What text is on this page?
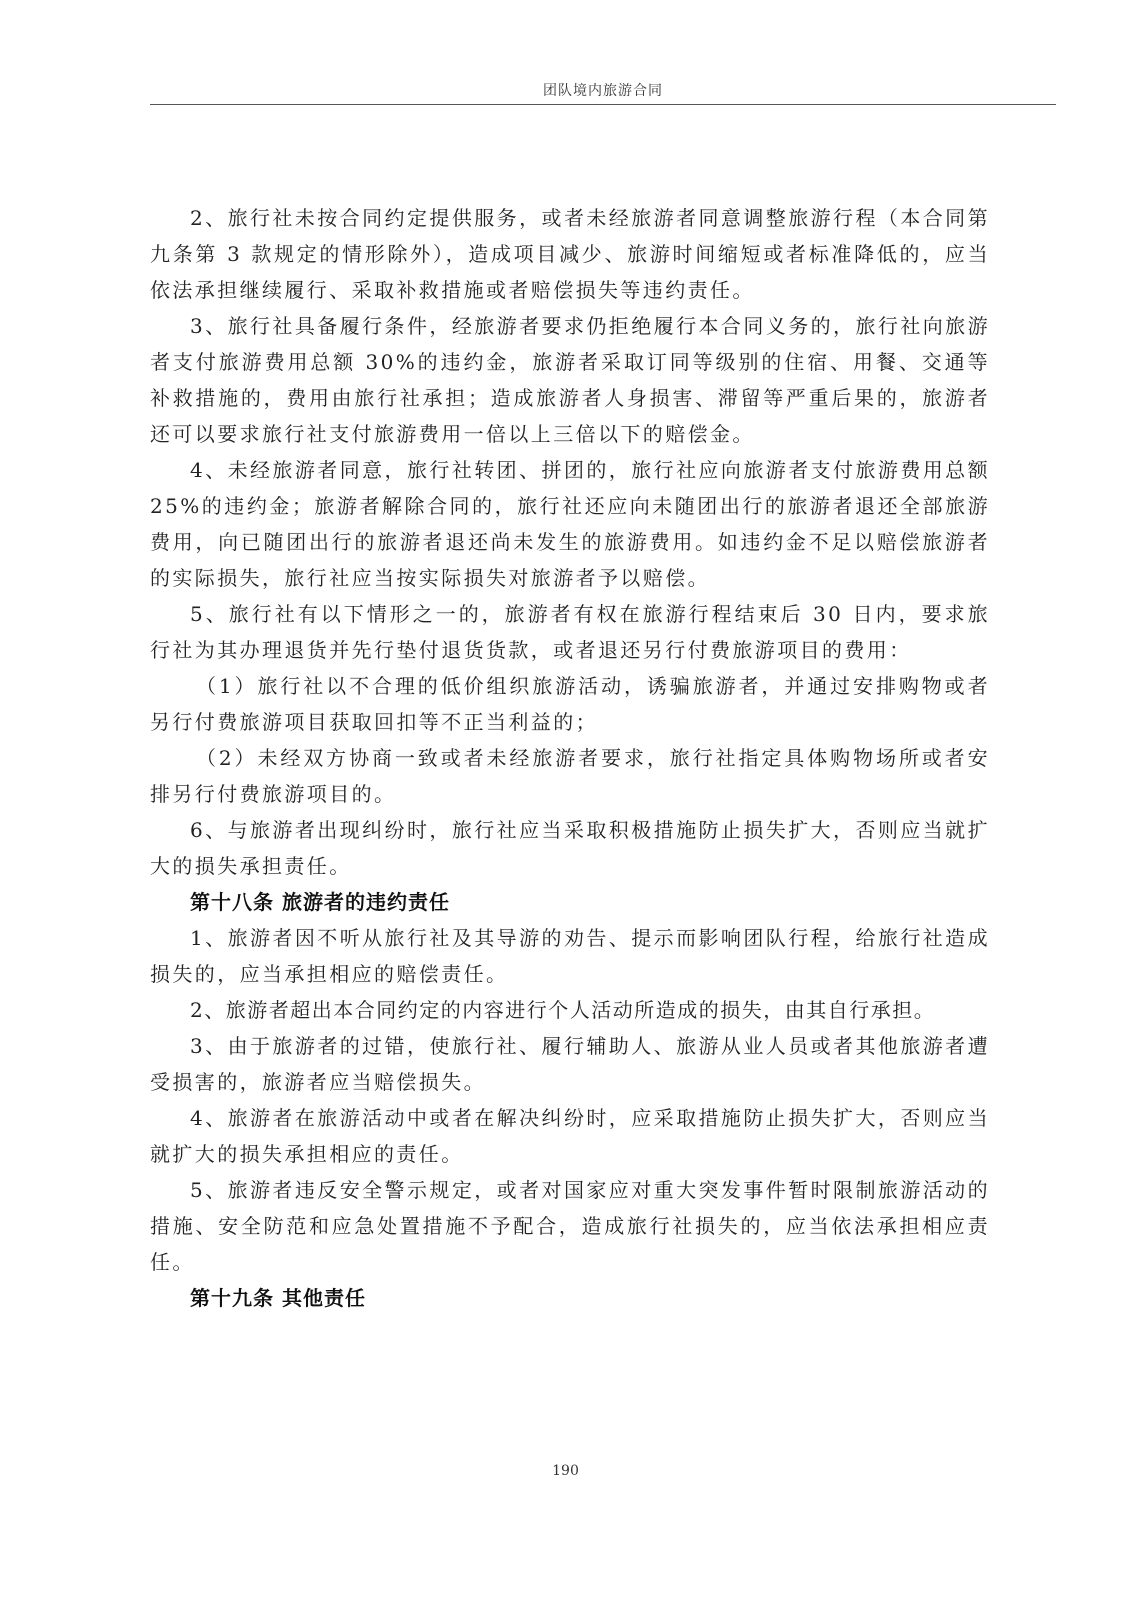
团队境内旅游合同

2、旅行社未按合同约定提供服务，或者未经旅游者同意调整旅游行程（本合同第九条第 3 款规定的情形除外），造成项目减少、旅游时间缩短或者标准降低的，应当依法承担继续履行、采取补救措施或者赔偿损失等违约责任。

3、旅行社具备履行条件，经旅游者要求仍拒绝履行本合同义务的，旅行社向旅游者支付旅游费用总额 30%的违约金，旅游者采取订同等级别的住宿、用餐、交通等补救措施的，费用由旅行社承担；造成旅游者人身损害、滞留等严重后果的，旅游者还可以要求旅行社支付旅游费用一倍以上三倍以下的赔偿金。

4、未经旅游者同意，旅行社转团、拼团的，旅行社应向旅游者支付旅游费用总额 25%的违约金；旅游者解除合同的，旅行社还应向未随团出行的旅游者退还全部旅游费用，向已随团出行的旅游者退还尚未发生的旅游费用。如违约金不足以赔偿旅游者的实际损失，旅行社应当按实际损失对旅游者予以赔偿。

5、旅行社有以下情形之一的，旅游者有权在旅游行程结束后 30 日内，要求旅行社为其办理退货并先行垫付退货货款，或者退还另行付费旅游项目的费用：

（1）旅行社以不合理的低价组织旅游活动，诱骗旅游者，并通过安排购物或者另行付费旅游项目获取回扣等不正当利益的；

（2）未经双方协商一致或者未经旅游者要求，旅行社指定具体购物场所或者安排另行付费旅游项目的。

6、与旅游者出现纠纷时，旅行社应当采取积极措施防止损失扩大，否则应当就扩大的损失承担责任。

第十八条 旅游者的违约责任

1、旅游者因不听从旅行社及其导游的劝告、提示而影响团队行程，给旅行社造成损失的，应当承担相应的赔偿责任。

2、旅游者超出本合同约定的内容进行个人活动所造成的损失，由其自行承担。

3、由于旅游者的过错，使旅行社、履行辅助人、旅游从业人员或者其他旅游者遭受损害的，旅游者应当赔偿损失。

4、旅游者在旅游活动中或者在解决纠纷时，应采取措施防止损失扩大，否则应当就扩大的损失承担相应的责任。

5、旅游者违反安全警示规定，或者对国家应对重大突发事件暂时限制旅游活动的措施、安全防范和应急处置措施不予配合，造成旅行社损失的，应当依法承担相应责任。

第十九条 其他责任

190
